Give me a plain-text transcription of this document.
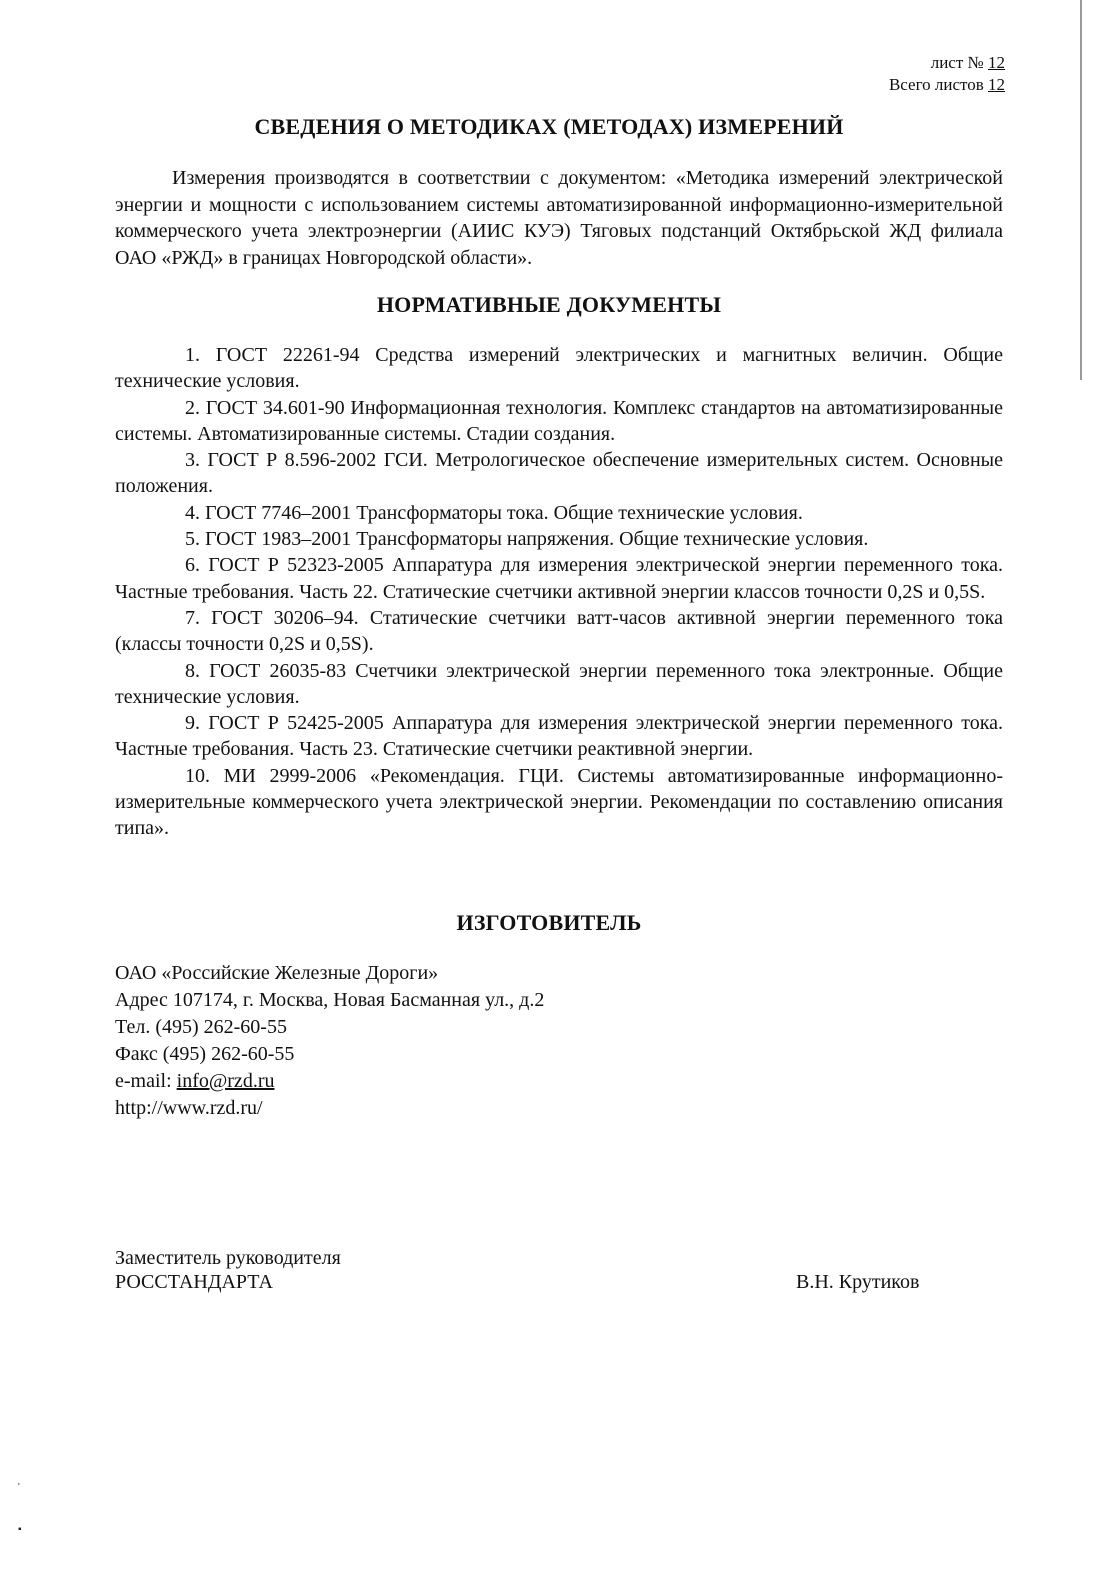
лист № 12
Всего листов 12
СВЕДЕНИЯ О МЕТОДИКАХ (МЕТОДАХ) ИЗМЕРЕНИЙ

Измерения производятся в соответствии с документом: «Методика измерений электрической энергии и мощности с использованием системы автоматизированной информационно-измерительной коммерческого учета электроэнергии (АИИС КУЭ) Тяговых подстанций Октябрьской ЖД филиала ОАО «РЖД» в границах Новгородской области».

НОРМАТИВНЫЕ ДОКУМЕНТЫ
1. ГОСТ 22261-94 Средства измерений электрических и магнитных величин. Общие технические условия.
2. ГОСТ 34.601-90 Информационная технология. Комплекс стандартов на автоматизированные системы. Автоматизированные системы. Стадии создания.
3. ГОСТ Р 8.596-2002 ГСИ. Метрологическое обеспечение измерительных систем. Основные положения.
4. ГОСТ 7746–2001 Трансформаторы тока. Общие технические условия.
5. ГОСТ 1983–2001 Трансформаторы напряжения. Общие технические условия.
6. ГОСТ Р 52323-2005 Аппаратура для измерения электрической энергии переменного тока. Частные требования. Часть 22. Статические счетчики активной энергии классов точности 0,2S и 0,5S.
7. ГОСТ 30206–94. Статические счетчики ватт-часов активной энергии переменного тока (классы точности 0,2S и 0,5S).
8. ГОСТ 26035-83 Счетчики электрической энергии переменного тока электронные. Общие технические условия.
9. ГОСТ Р 52425-2005 Аппаратура для измерения электрической энергии переменного тока. Частные требования. Часть 23. Статические счетчики реактивной энергии.
10. МИ 2999-2006 «Рекомендация. ГЦИ. Системы автоматизированные информационно-измерительные коммерческого учета электрической энергии. Рекомендации по составлению описания типа».
ИЗГОТОВИТЕЛЬ
ОАО «Российские Железные Дороги»
Адрес 107174, г. Москва, Новая Басманная ул., д.2
Тел. (495) 262-60-55
Факс (495) 262-60-55
e-mail: info@rzd.ru
http://www.rzd.ru/
Заместитель руководителя
РОССТАНДАРТА	В.Н. Крутиков
'
▪
